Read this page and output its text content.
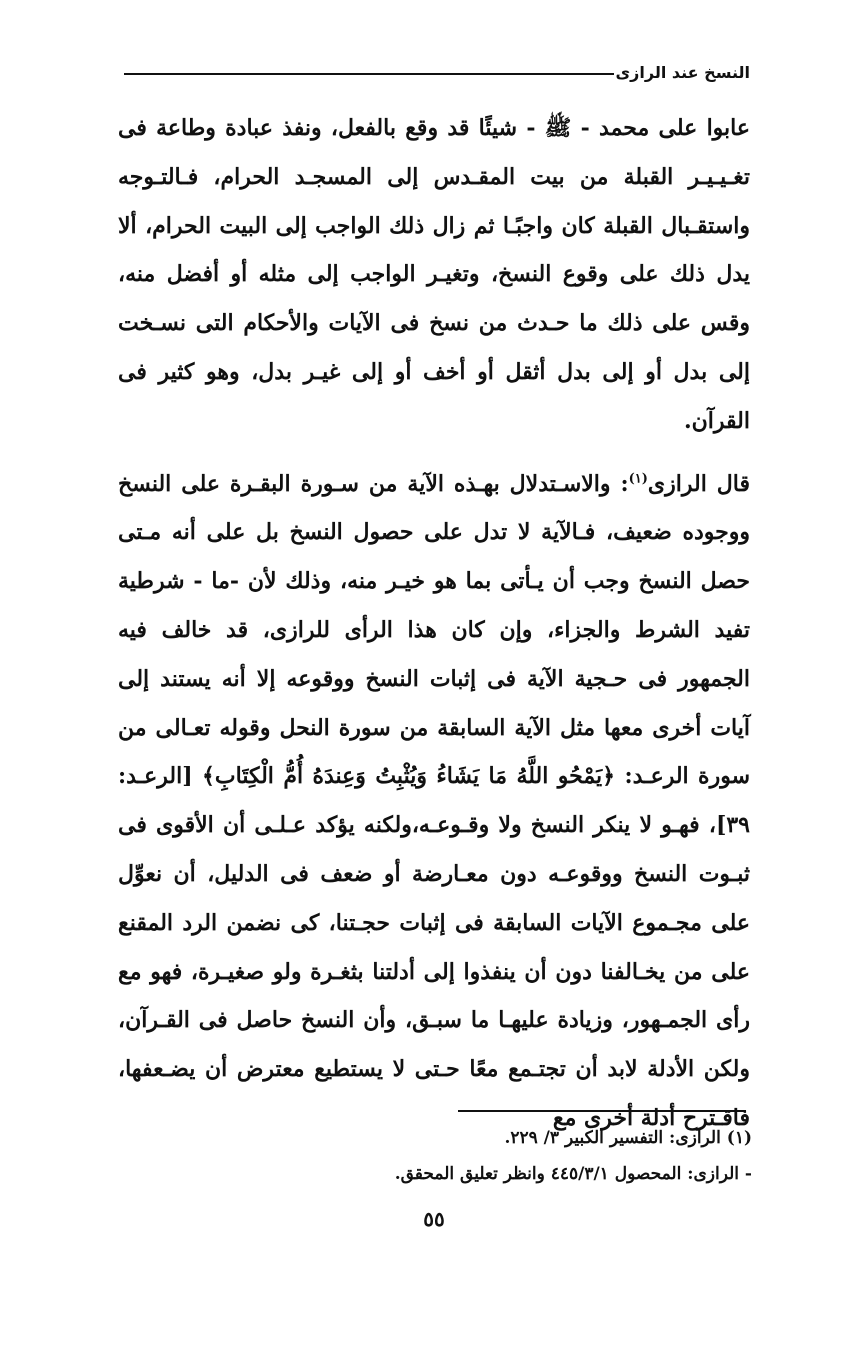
النسخ عند الرازى

عابوا على محمد - ﷺ - شيئًا قد وقع بالفعل، ونفذ عبادة وطاعة فى تغـيـيـر القبلة من بيت المقـدس إلى المسجـد الحرام، فـالتـوجه واستقـبال القبلة كان واجبًـا ثم زال ذلك الواجب إلى البيت الحرام، ألا يدل ذلك على وقوع النسخ، وتغيـر الواجب إلى مثله أو أفضل منه، وقس على ذلك ما حـدث من نسخ فى الآيات والأحكام التى نسـخت إلى بدل أو إلى بدل أثقل أو أخف أو إلى غيـر بدل، وهو كثير فى القرآن.

قال الرازى$^{(١)}$: والاسـتدلال بهـذه الآية من سـورة البقـرة على النسخ ووجوده ضعيف، فـالآية لا تدل على حصول النسخ بل على أنه مـتى حصل النسخ وجب أن يـأتى بما هو خيـر منه، وذلك لأن -ما - شرطية تفيد الشرط والجزاء، وإن كان هذا الرأى للرازى، قد خالف فيه الجمهور فى حـجية الآية فى إثبات النسخ ووقوعه إلا أنه يستند إلى آيات أخرى معها مثل الآية السابقة من سورة النحل وقوله تعـالى من سورة الرعـد: ﴿يَمْحُو اللَّهُ مَا يَشَاءُ وَيُثْبِتُ وَعِندَهُ أُمُّ الْكِتَابِ﴾ [الرعـد: ٣٩]، فهـو لا ينكر النسخ ولا وقـوعـه،ولكنه يؤكد عـلـى أن الأقوى فى ثبـوت النسخ ووقوعـه دون معـارضة أو ضعف فى الدليل، أن نعوِّل على مجـموع الآيات السابقة فى إثبات حجـتنا، كى نضمن الرد المقنع على من يخـالفنا دون أن ينفذوا إلى أدلتنا بثغـرة ولو صغيـرة، فهو مع رأى الجمـهور، وزيادة عليهـا ما سبـق، وأن النسخ حاصل فى القـرآن، ولكن الأدلة لابد أن تجتـمع معًا حـتى لا يستطيع معترض أن يضـعفها، فاقـترح أدلة أخرى مع

(١) الرازى: التفسير الكبير ٣/ ٢٢٩.
- الرازى: المحصول ٤٤٥/٣/١ وانظر تعليق المحقق.
٥٥
